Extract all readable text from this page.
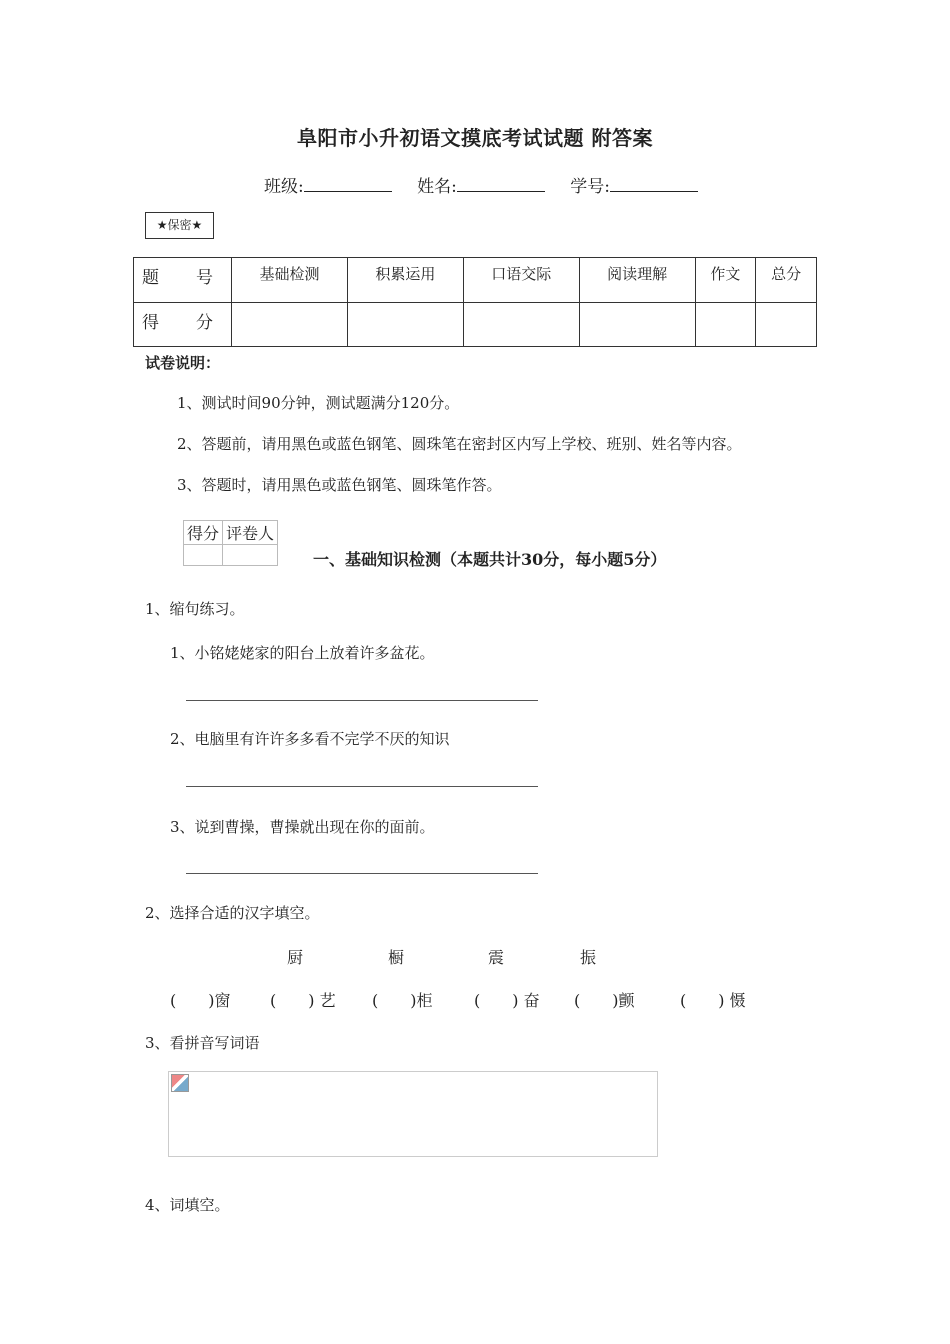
阜阳市小升初语文摸底考试试题 附答案
班级:	姓名:	学号:
★保密★
题　号	基础检测	积累运用	口语交际	阅读理解	作文	总分
得　分						
试卷说明：
1、测试时间90分钟，测试题满分120分。
2、答题前，请用黑色或蓝色钢笔、圆珠笔在密封区内写上学校、班别、姓名等内容。
3、答题时，请用黑色或蓝色钢笔、圆珠笔作答。
得分	评卷人

一、基础知识检测（本题共计30分，每小题5分）
1、缩句练习。
1、小铭姥姥家的阳台上放着许多盆花。
2、电脑里有许许多多看不完学不厌的知识
3、说到曹操，曹操就出现在你的面前。
2、选择合适的汉字填空。
厨	橱	震	振
(　　)窗 (　　) 艺 (　　)柜	(　　) 奋 (　　)颤	(　　) 慑
3、看拼音写词语
4、词填空。
